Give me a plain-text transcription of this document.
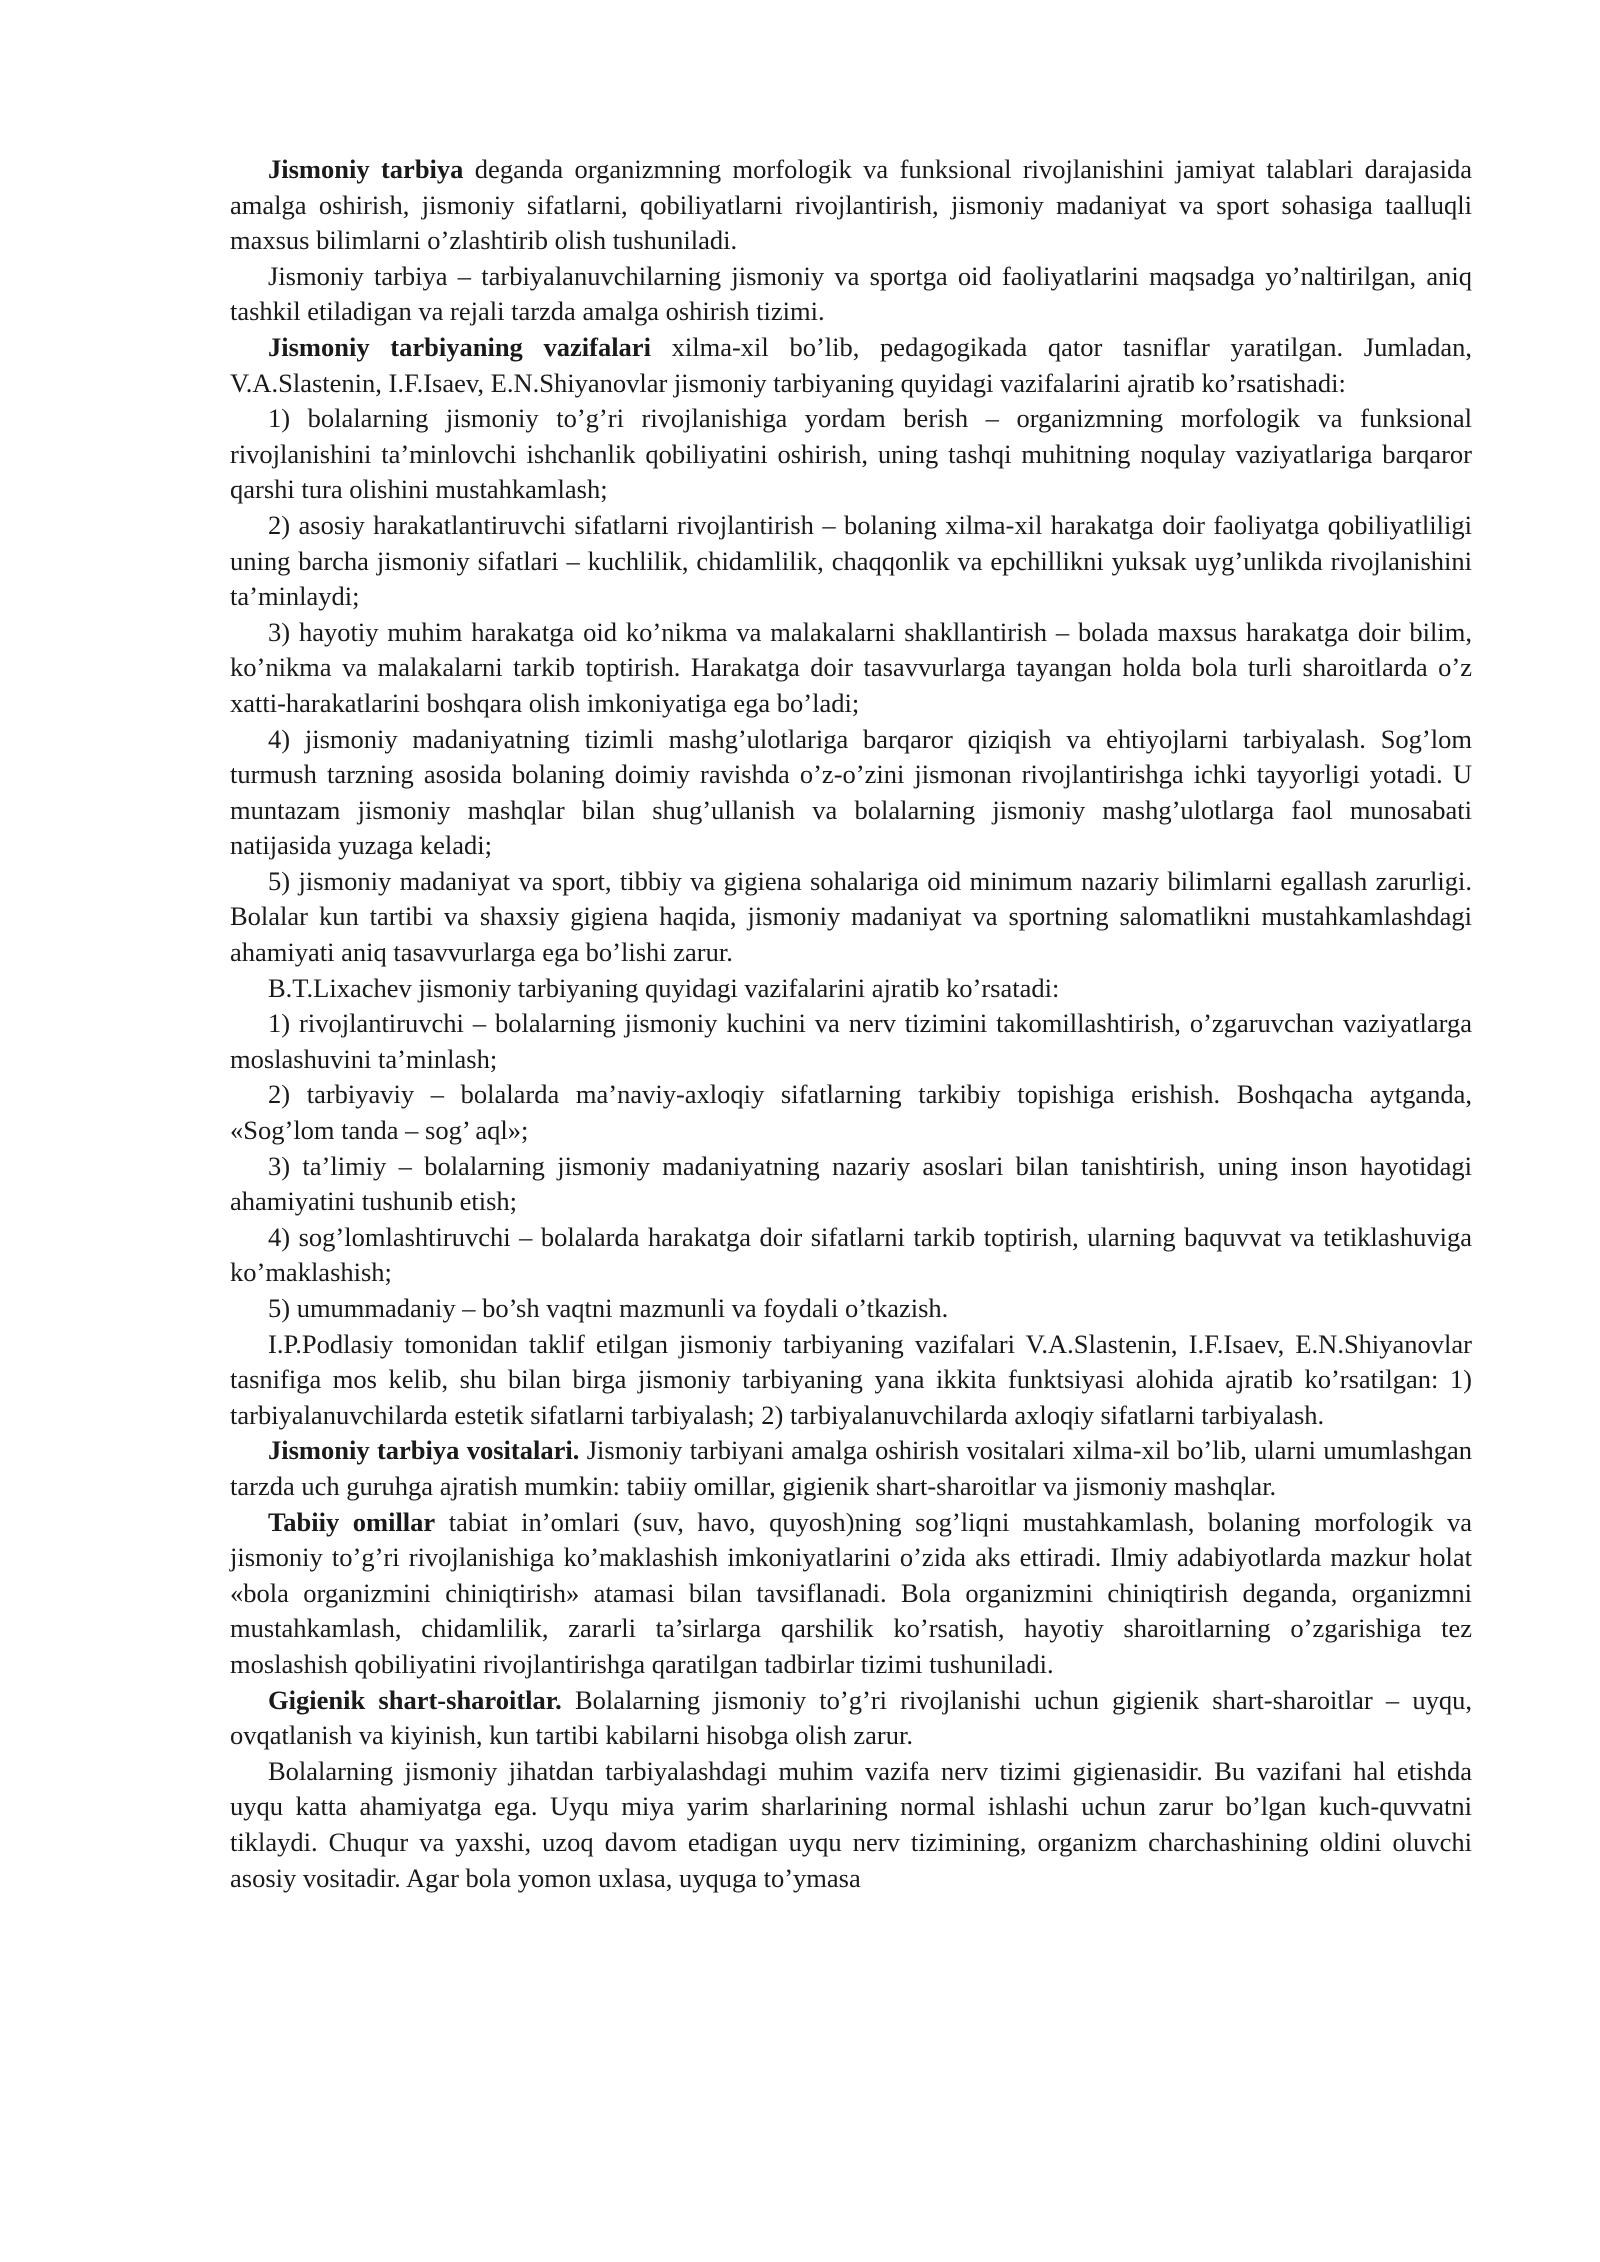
Jismoniy tarbiya deganda organizmning morfologik va funksional rivojlanishini jamiyat talablari darajasida amalga oshirish, jismoniy sifatlarni, qobiliyatlarni rivojlantirish, jismoniy madaniyat va sport sohasiga taalluqli maxsus bilimlarni o’zlashtirib olish tushuniladi.

Jismoniy tarbiya – tarbiyalanuvchilarning jismoniy va sportga oid faoliyatlarini maqsadga yo’naltirilgan, aniq tashkil etiladigan va rejali tarzda amalga oshirish tizimi.

Jismoniy tarbiyaning vazifalari xilma-xil bo’lib, pedagogikada qator tasniflar yaratilgan. Jumladan, V.A.Slastenin, I.F.Isaev, E.N.Shiyanovlar jismoniy tarbiyaning quyidagi vazifalarini ajratib ko’rsatishadi:

1) bolalarning jismoniy to’g’ri rivojlanishiga yordam berish – organizmning morfologik va funksional rivojlanishini ta’minlovchi ishchanlik qobiliyatini oshirish, uning tashqi muhitning noqulay vaziyatlariga barqaror qarshi tura olishini mustahkamlash;

2) asosiy harakatlantiruvchi sifatlarni rivojlantirish – bolaning xilma-xil harakatga doir faoliyatga qobiliyatliligi uning barcha jismoniy sifatlari – kuchlilik, chidamlilik, chaqqonlik va epchillikni yuksak uyg’unlikda rivojlanishini ta’minlaydi;

3) hayotiy muhim harakatga oid ko’nikma va malakalarni shakllantirish – bolada maxsus harakatga doir bilim, ko’nikma va malakalarni tarkib toptirish. Harakatga doir tasavvurlarga tayangan holda bola turli sharoitlarda o’z xatti-harakatlarini boshqara olish imkoniyatiga ega bo’ladi;

4) jismoniy madaniyatning tizimli mashg’ulotlariga barqaror qiziqish va ehtiyojlarni tarbiyalash. Sog’lom turmush tarzning asosida bolaning doimiy ravishda o’z-o’zini jismonan rivojlantirishga ichki tayyorligi yotadi. U muntazam jismoniy mashqlar bilan shug’ullanish va bolalarning jismoniy mashg’ulotlarga faol munosabati natijasida yuzaga keladi;

5) jismoniy madaniyat va sport, tibbiy va gigiena sohalariga oid minimum nazariy bilimlarni egallash zarurligi. Bolalar kun tartibi va shaxsiy gigiena haqida, jismoniy madaniyat va sportning salomatlikni mustahkamlashdagi ahamiyati aniq tasavvurlarga ega bo’lishi zarur.

B.T.Lixachev jismoniy tarbiyaning quyidagi vazifalarini ajratib ko’rsatadi:

1) rivojlantiruvchi – bolalarning jismoniy kuchini va nerv tizimini takomillashtirish, o’zgaruvchan vaziyatlarga moslashuvini ta’minlash;

2) tarbiyaviy – bolalarda ma’naviy-axloqiy sifatlarning tarkibiy topishiga erishish. Boshqacha aytganda, «Sog’lom tanda – sog’ aql»;

3) ta’limiy – bolalarning jismoniy madaniyatning nazariy asoslari bilan tanishtirish, uning inson hayotidagi ahamiyatini tushunib etish;

4) sog’lomlashtiruvchi – bolalarda harakatga doir sifatlarni tarkib toptirish, ularning baquvvat va tetiklashuviga ko’maklashish;

5) umummadaniy – bo’sh vaqtni mazmunli va foydali o’tkazish.

I.P.Podlasiy tomonidan taklif etilgan jismoniy tarbiyaning vazifalari V.A.Slastenin, I.F.Isaev, E.N.Shiyanovlar tasnifiga mos kelib, shu bilan birga jismoniy tarbiyaning yana ikkita funktsiyasi alohida ajratib ko’rsatilgan: 1) tarbiyalanuvchilarda estetik sifatlarni tarbiyalash; 2) tarbiyalanuvchilarda axloqiy sifatlarni tarbiyalash.

Jismoniy tarbiya vositalari. Jismoniy tarbiyani amalga oshirish vositalari xilma-xil bo’lib, ularni umumlashgan tarzda uch guruhga ajratish mumkin: tabiiy omillar, gigienik shart-sharoitlar va jismoniy mashqlar.

Tabiiy omillar tabiat in’omlari (suv, havo, quyosh)ning sog’liqni mustahkamlash, bolaning morfologik va jismoniy to’g’ri rivojlanishiga ko’maklashish imkoniyatlarini o’zida aks ettiradi. Ilmiy adabiyotlarda mazkur holat «bola organizmini chiniqtirish» atamasi bilan tavsiflanadi. Bola organizmini chiniqtirish deganda, organizmni mustahkamlash, chidamlilik, zararli ta’sirlarga qarshilik ko’rsatish, hayotiy sharoitlarning o’zgarishiga tez moslashish qobiliyatini rivojlantirishga qaratilgan tadbirlar tizimi tushuniladi.

Gigienik shart-sharoitlar. Bolalarning jismoniy to’g’ri rivojlanishi uchun gigienik shart-sharoitlar – uyqu, ovqatlanish va kiyinish, kun tartibi kabilarni hisobga olish zarur.

Bolalarning jismoniy jihatdan tarbiyalashdagi muhim vazifa nerv tizimi gigienasidir. Bu vazifani hal etishda uyqu katta ahamiyatga ega. Uyqu miya yarim sharlarining normal ishlashi uchun zarur bo’lgan kuch-quvvatni tiklaydi. Chuqur va yaxshi, uzoq davom etadigan uyqu nerv tizimining, organizm charchashining oldini oluvchi asosiy vositadir. Agar bola yomon uxlasa, uyquga to’ymasa
